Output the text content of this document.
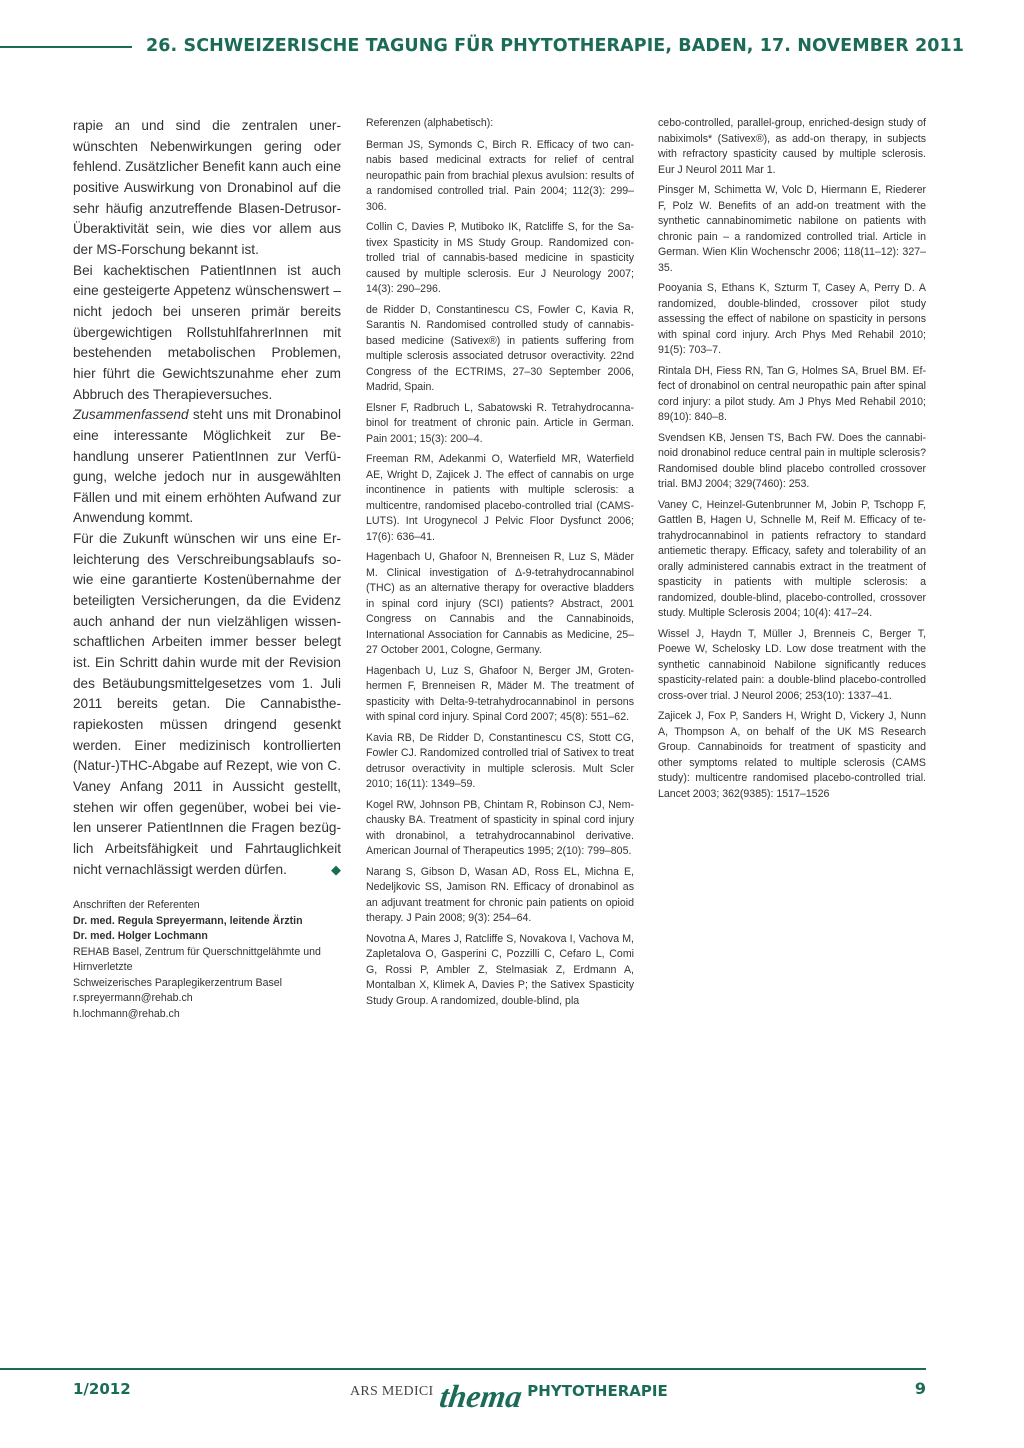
26. SCHWEIZERISCHE TAGUNG FÜR PHYTOTHERAPIE, BADEN, 17. NOVEMBER 2011

rapie an und sind die zentralen unerwünschten Nebenwirkungen gering oder fehlend. Zusätzlicher Benefit kann auch eine positive Auswirkung von Dronabinol auf die sehr häufig anzutreffende Blasen-Detrusor-Überaktivität sein, wie dies vor allem aus der MS-Forschung bekannt ist.

Bei kachektischen PatientInnen ist auch eine gesteigerte Appetenz wünschenswert – nicht jedoch bei unseren primär bereits übergewichtigen RollstuhlfahrerInnen mit bestehenden metabolischen Problemen, hier führt die Gewichtszunahme eher zum Abbruch des Therapieversuches.

Zusammenfassend steht uns mit Dronabinol eine interessante Möglichkeit zur Behandlung unserer PatientInnen zur Verfügung, welche jedoch nur in ausgewählten Fällen und mit einem erhöhten Aufwand zur Anwendung kommt.

Für die Zukunft wünschen wir uns eine Erleichterung des Verschreibungsablaufs sowie eine garantierte Kostenübernahme der beteiligten Versicherungen, da die Evidenz auch anhand der nun vielzähligen wissenschaftlichen Arbeiten immer besser belegt ist. Ein Schritt dahin wurde mit der Revision des Betäubungsmittelgesetzes vom 1. Juli 2011 bereits getan. Die Cannabistherapiekosten müssen dringend gesenkt werden. Einer medizinisch kontrollierten (Natur-)THC-Abgabe auf Rezept, wie von C. Vaney Anfang 2011 in Aussicht gestellt, stehen wir offen gegenüber, wobei bei vielen unserer PatientInnen die Fragen bezüglich Arbeitsfähigkeit und Fahrtauglichkeit nicht vernachlässigt werden dürfen.	◆

Anschriften der Referenten
Dr. med. Regula Spreyermann, leitende Ärztin
Dr. med. Holger Lochmann
REHAB Basel, Zentrum für Querschnittgelähmte und Hirnverletzte
Schweizerisches Paraplegikerzentrum Basel
r.spreyermann@rehab.ch
h.lochmann@rehab.ch
Referenzen (alphabetisch):
Berman JS, Symonds C, Birch R. Efficacy of two cannabis based medicinal extracts for relief of central neuropathic pain from brachial plexus avulsion: results of a randomised controlled trial. Pain 2004; 112(3): 299–306.
Collin C, Davies P, Mutiboko IK, Ratcliffe S, for the Sativex Spasticity in MS Study Group. Randomized controlled trial of cannabis-based medicine in spasticity caused by multiple sclerosis. Eur J Neurology 2007; 14(3): 290–296.
de Ridder D, Constantinescu CS, Fowler C, Kavia R, Sarantis N. Randomised controlled study of cannabis-based medicine (Sativex®) in patients suffering from multiple sclerosis associated detrusor overactivity. 22nd Congress of the ECTRIMS, 27–30 September 2006, Madrid, Spain.
Elsner F, Radbruch L, Sabatowski R. Tetrahydrocannabinol for treatment of chronic pain. Article in German. Pain 2001; 15(3): 200–4.
Freeman RM, Adekanmi O, Waterfield MR, Waterfield AE, Wright D, Zajicek J. The effect of cannabis on urge incontinence in patients with multiple sclerosis: a multicentre, randomised placebo-controlled trial (CAMS-LUTS). Int Urogynecol J Pelvic Floor Dysfunct 2006; 17(6): 636–41.
Hagenbach U, Ghafoor N, Brenneisen R, Luz S, Mäder M. Clinical investigation of Δ-9-tetrahydrocannabinol (THC) as an alternative therapy for overactive bladders in spinal cord injury (SCI) patients? Abstract, 2001 Congress on Cannabis and the Cannabinoids, International Association for Cannabis as Medicine, 25–27 October 2001, Cologne, Germany.
Hagenbach U, Luz S, Ghafoor N, Berger JM, Grotenhermen F, Brenneisen R, Mäder M. The treatment of spasticity with Delta-9-tetrahydrocannabinol in persons with spinal cord injury. Spinal Cord 2007; 45(8): 551–62.
Kavia RB, De Ridder D, Constantinescu CS, Stott CG, Fowler CJ. Randomized controlled trial of Sativex to treat detrusor overactivity in multiple sclerosis. Mult Scler 2010; 16(11): 1349–59.
Kogel RW, Johnson PB, Chintam R, Robinson CJ, Nemchausky BA. Treatment of spasticity in spinal cord injury with dronabinol, a tetrahydrocannabinol derivative. American Journal of Therapeutics 1995; 2(10): 799–805.
Narang S, Gibson D, Wasan AD, Ross EL, Michna E, Nedeljkovic SS, Jamison RN. Efficacy of dronabinol as an adjuvant treatment for chronic pain patients on opioid therapy. J Pain 2008; 9(3): 254–64.
Novotna A, Mares J, Ratcliffe S, Novakova I, Vachova M, Zapletalova O, Gasperini C, Pozzilli C, Cefaro L, Comi G, Rossi P, Ambler Z, Stelmasiak Z, Erdmann A, Montalban X, Klimek A, Davies P; the Sativex Spasticity Study Group. A randomized, double-blind, pla
cebo-controlled, parallel-group, enriched-design study of nabiximols* (Sativex®), as add-on therapy, in subjects with refractory spasticity caused by multiple sclerosis. Eur J Neurol 2011 Mar 1.
Pinsger M, Schimetta W, Volc D, Hiermann E, Riederer F, Polz W. Benefits of an add-on treatment with the synthetic cannabinomimetic nabilone on patients with chronic pain – a randomized controlled trial. Article in German. Wien Klin Wochenschr 2006; 118(11–12): 327–35.
Pooyania S, Ethans K, Szturm T, Casey A, Perry D. A randomized, double-blinded, crossover pilot study assessing the effect of nabilone on spasticity in persons with spinal cord injury. Arch Phys Med Rehabil 2010; 91(5): 703–7.
Rintala DH, Fiess RN, Tan G, Holmes SA, Bruel BM. Effect of dronabinol on central neuropathic pain after spinal cord injury: a pilot study. Am J Phys Med Rehabil 2010; 89(10): 840–8.
Svendsen KB, Jensen TS, Bach FW. Does the cannabinoid dronabinol reduce central pain in multiple sclerosis? Randomised double blind placebo controlled crossover trial. BMJ 2004; 329(7460): 253.
Vaney C, Heinzel-Gutenbrunner M, Jobin P, Tschopp F, Gattlen B, Hagen U, Schnelle M, Reif M. Efficacy of tetrahydrocannabinol in patients refractory to standard antiemetic therapy. Efficacy, safety and tolerability of an orally administered cannabis extract in the treatment of spasticity in patients with multiple sclerosis: a randomized, double-blind, placebo-controlled, crossover study. Multiple Sclerosis 2004; 10(4): 417–24.
Wissel J, Haydn T, Müller J, Brenneis C, Berger T, Poewe W, Schelosky LD. Low dose treatment with the synthetic cannabinoid Nabilone significantly reduces spasticity-related pain: a double-blind placebo-controlled cross-over trial. J Neurol 2006; 253(10): 1337–41.
Zajicek J, Fox P, Sanders H, Wright D, Vickery J, Nunn A, Thompson A, on behalf of the UK MS Research Group. Cannabinoids for treatment of spasticity and other symptoms related to multiple sclerosis (CAMS study): multicentre randomised placebo-controlled trial. Lancet 2003; 362(9385): 1517–1526
1/2012	ARS MEDICI thema PHYTOTHERAPIE	9
